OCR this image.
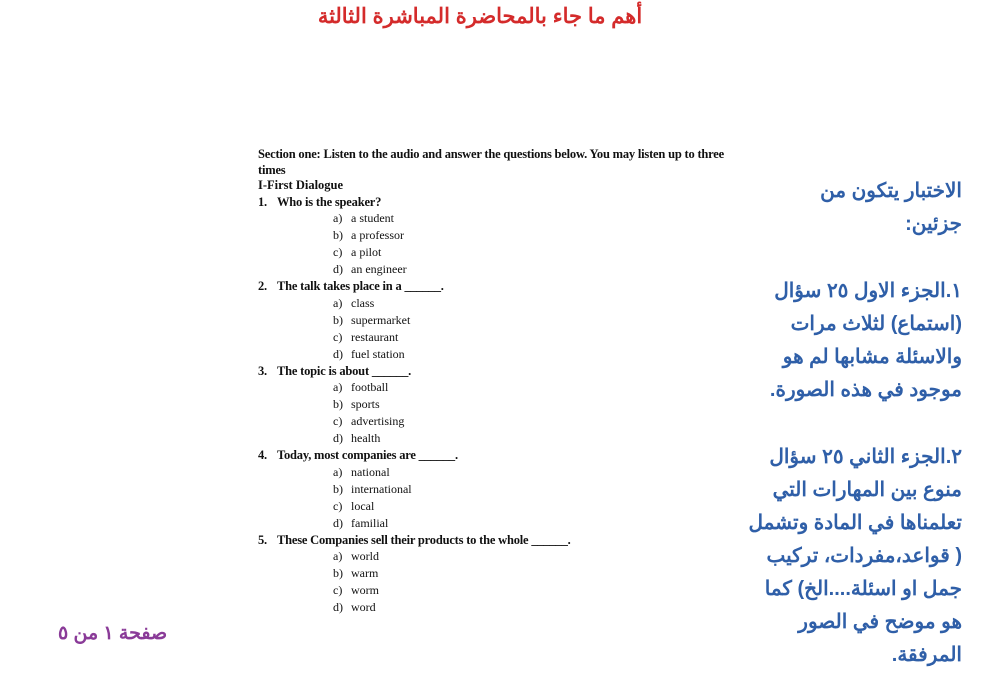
أهم ما جاء بالمحاضرة المباشرة الثالثة
Section one: Listen to the audio and answer the questions below. You may listen up to three times
I-First Dialogue
1. Who is the speaker?
a) a student
b) a professor
c) a pilot
d) an engineer
2. The talk takes place in a ______.
a) class
b) supermarket
c) restaurant
d) fuel station
3. The topic is about ______.
a) football
b) sports
c) advertising
d) health
4. Today, most companies are ______.
a) national
b) international
c) local
d) familial
5. These Companies sell their products to the whole ______.
a) world
b) warm
c) worm
d) word

الاختبار يتكون من

جزئين:

١.الجزء الاول ٢٥ سؤال

(استماع) لثلاث مرات

والاسئلة مشابها لم هو

موجود في هذه الصورة.

٢.الجزء الثاني ٢٥ سؤال

منوع بين المهارات التي

تعلمناها في المادة وتشمل

( قواعد،مفردات، تركيب

جمل او اسئلة....الخ) كما

هو موضح في الصور

المرفقة.

صفحة ١ من ٥
